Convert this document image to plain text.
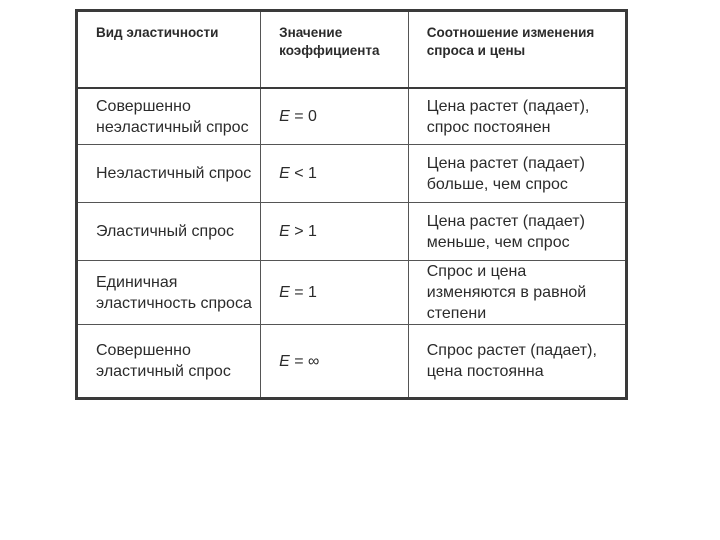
Вид эластичности	Значение коэффициента	Соотношение изменения спроса и цены
Совершенно неэластичный спрос	E = 0	Цена растет (падает), спрос постоянен
Неэластичный спрос	E < 1	Цена растет (падает) больше, чем спрос
Эластичный спрос	E > 1	Цена растет (падает) меньше, чем спрос
Единичная эластичность спроса	E = 1	Спрос и цена изменяются в равной степени
Совершенно эластичный спрос	E = ∞	Спрос растет (падает), цена постоянна
